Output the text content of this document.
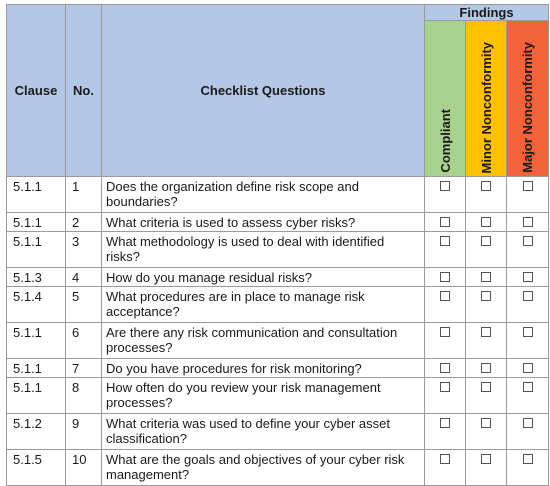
Clause	No.	Checklist Questions	Findings		
			Compliant	Minor Nonconformity	Major Nonconformity
5.1.1	1	Does the organization define risk scope and boundaries?			
5.1.1	2	What criteria is used to assess cyber risks?			
5.1.1	3	What methodology is used to deal with identified risks?			
5.1.3	4	How do you manage residual risks?			
5.1.4	5	What procedures are in place to manage risk acceptance?			
5.1.1	6	Are there any risk communication and consultation processes?			
5.1.1	7	Do you have procedures for risk monitoring?			
5.1.1	8	How often do you review your risk management processes?			
5.1.2	9	What criteria was used to define your cyber asset classification?			
5.1.5	10	What are the goals and objectives of your cyber risk management?			
